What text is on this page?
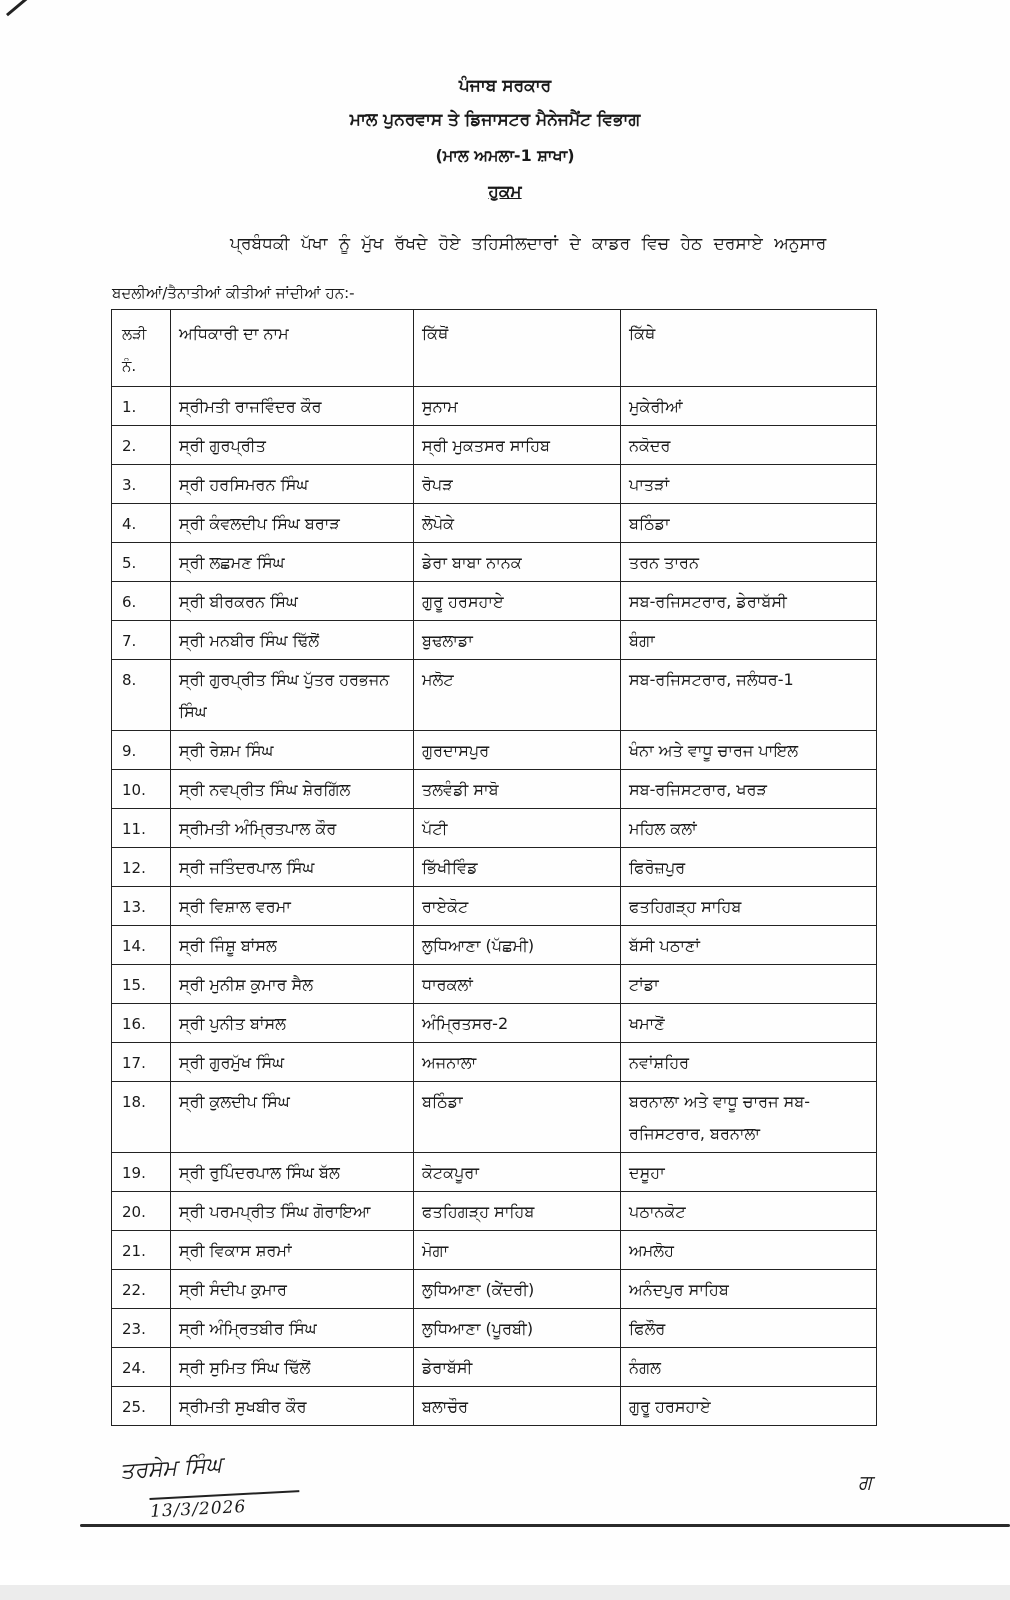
ਪੰਜਾਬ ਸਰਕਾਰ
ਮਾਲ ਪੁਨਰਵਾਸ ਤੇ ਡਿਜਾਸਟਰ ਮੈਨੇਜਮੈਂਟ ਵਿਭਾਗ
(ਮਾਲ ਅਮਲਾ-1 ਸ਼ਾਖਾ)
ਹੁਕਮ
ਪ੍ਰਬੰਧਕੀ ਪੱਖਾ ਨੂੰ ਮੁੱਖ ਰੱਖਦੇ ਹੋਏ ਤਹਿਸੀਲਦਾਰਾਂ ਦੇ ਕਾਡਰ ਵਿਚ ਹੇਠ ਦਰਸਾਏ ਅਨੁਸਾਰ
ਬਦਲੀਆਂ/ਤੈਨਾਤੀਆਂ ਕੀਤੀਆਂ ਜਾਂਦੀਆਂ ਹਨ:-
ਲੜੀ ਨੰ.	ਅਧਿਕਾਰੀ ਦਾ ਨਾਮ	ਕਿੱਥੋਂ	ਕਿੱਥੇ
1.	ਸ੍ਰੀਮਤੀ ਰਾਜਵਿੰਦਰ ਕੌਰ	ਸੁਨਾਮ	ਮੁਕੇਰੀਆਂ
2.	ਸ੍ਰੀ ਗੁਰਪ੍ਰੀਤ	ਸ੍ਰੀ ਮੁਕਤਸਰ ਸਾਹਿਬ	ਨਕੋਦਰ
3.	ਸ੍ਰੀ ਹਰਸਿਮਰਨ ਸਿੰਘ	ਰੋਪੜ	ਪਾਤੜਾਂ
4.	ਸ੍ਰੀ ਕੰਵਲਦੀਪ ਸਿੰਘ ਬਰਾੜ	ਲੋਪੋਕੇ	ਬਠਿੰਡਾ
5.	ਸ੍ਰੀ ਲਛਮਣ ਸਿੰਘ	ਡੇਰਾ ਬਾਬਾ ਨਾਨਕ	ਤਰਨ ਤਾਰਨ
6.	ਸ੍ਰੀ ਬੀਰਕਰਨ ਸਿੰਘ	ਗੁਰੂ ਹਰਸਹਾਏ	ਸਬ-ਰਜਿਸਟਰਾਰ, ਡੇਰਾਬੱਸੀ
7.	ਸ੍ਰੀ ਮਨਬੀਰ ਸਿੰਘ ਢਿੱਲੋਂ	ਬੁਢਲਾਡਾ	ਬੰਗਾ
8.	ਸ੍ਰੀ ਗੁਰਪ੍ਰੀਤ ਸਿੰਘ ਪੁੱਤਰ ਹਰਭਜਨ ਸਿੰਘ	ਮਲੋਟ	ਸਬ-ਰਜਿਸਟਰਾਰ, ਜਲੰਧਰ-1
9.	ਸ੍ਰੀ ਰੇਸ਼ਮ ਸਿੰਘ	ਗੁਰਦਾਸਪੁਰ	ਖੰਨਾ ਅਤੇ ਵਾਧੂ ਚਾਰਜ ਪਾਇਲ
10.	ਸ੍ਰੀ ਨਵਪ੍ਰੀਤ ਸਿੰਘ ਸ਼ੇਰਗਿੱਲ	ਤਲਵੰਡੀ ਸਾਬੋ	ਸਬ-ਰਜਿਸਟਰਾਰ, ਖਰੜ
11.	ਸ੍ਰੀਮਤੀ ਅੰਮ੍ਰਿਤਪਾਲ ਕੌਰ	ਪੱਟੀ	ਮਹਿਲ ਕਲਾਂ
12.	ਸ੍ਰੀ ਜਤਿੰਦਰਪਾਲ ਸਿੰਘ	ਭਿੱਖੀਵਿੰਡ	ਫਿਰੋਜ਼ਪੁਰ
13.	ਸ੍ਰੀ ਵਿਸ਼ਾਲ ਵਰਮਾ	ਰਾਏਕੋਟ	ਫਤਹਿਗੜ੍ਹ ਸਾਹਿਬ
14.	ਸ੍ਰੀ ਜਿੰਸ਼ੂ ਬਾਂਸਲ	ਲੁਧਿਆਣਾ (ਪੱਛਮੀ)	ਬੱਸੀ ਪਠਾਣਾਂ
15.	ਸ੍ਰੀ ਮੁਨੀਸ਼ ਕੁਮਾਰ ਸੈਲ	ਧਾਰਕਲਾਂ	ਟਾਂਡਾ
16.	ਸ੍ਰੀ ਪੁਨੀਤ ਬਾਂਸਲ	ਅੰਮ੍ਰਿਤਸਰ-2	ਖਮਾਣੋਂ
17.	ਸ੍ਰੀ ਗੁਰਮੁੱਖ ਸਿੰਘ	ਅਜਨਾਲਾ	ਨਵਾਂਸ਼ਹਿਰ
18.	ਸ੍ਰੀ ਕੁਲਦੀਪ ਸਿੰਘ	ਬਠਿੰਡਾ	ਬਰਨਾਲਾ ਅਤੇ ਵਾਧੂ ਚਾਰਜ ਸਬ-ਰਜਿਸਟਰਾਰ, ਬਰਨਾਲਾ
19.	ਸ੍ਰੀ ਰੁਪਿੰਦਰਪਾਲ ਸਿੰਘ ਬੱਲ	ਕੋਟਕਪੂਰਾ	ਦਸੂਹਾ
20.	ਸ੍ਰੀ ਪਰਮਪ੍ਰੀਤ ਸਿੰਘ ਗੋਰਾਇਆ	ਫਤਹਿਗੜ੍ਹ ਸਾਹਿਬ	ਪਠਾਨਕੋਟ
21.	ਸ੍ਰੀ ਵਿਕਾਸ ਸ਼ਰਮਾਂ	ਮੋਗਾ	ਅਮਲੋਹ
22.	ਸ੍ਰੀ ਸੰਦੀਪ ਕੁਮਾਰ	ਲੁਧਿਆਣਾ (ਕੇਂਦਰੀ)	ਅਨੰਦਪੁਰ ਸਾਹਿਬ
23.	ਸ੍ਰੀ ਅੰਮ੍ਰਿਤਬੀਰ ਸਿੰਘ	ਲੁਧਿਆਣਾ (ਪੂਰਬੀ)	ਫਿਲੌਰ
24.	ਸ੍ਰੀ ਸੁਮਿਤ ਸਿੰਘ ਢਿੱਲੋਂ	ਡੇਰਾਬੱਸੀ	ਨੰਗਲ
25.	ਸ੍ਰੀਮਤੀ ਸੁਖਬੀਰ ਕੌਰ	ਬਲਾਚੌਰ	ਗੁਰੂ ਹਰਸਹਾਏ
ਤਰਸੇਮ ਸਿੰਘ
13/3/2026
ਗ
